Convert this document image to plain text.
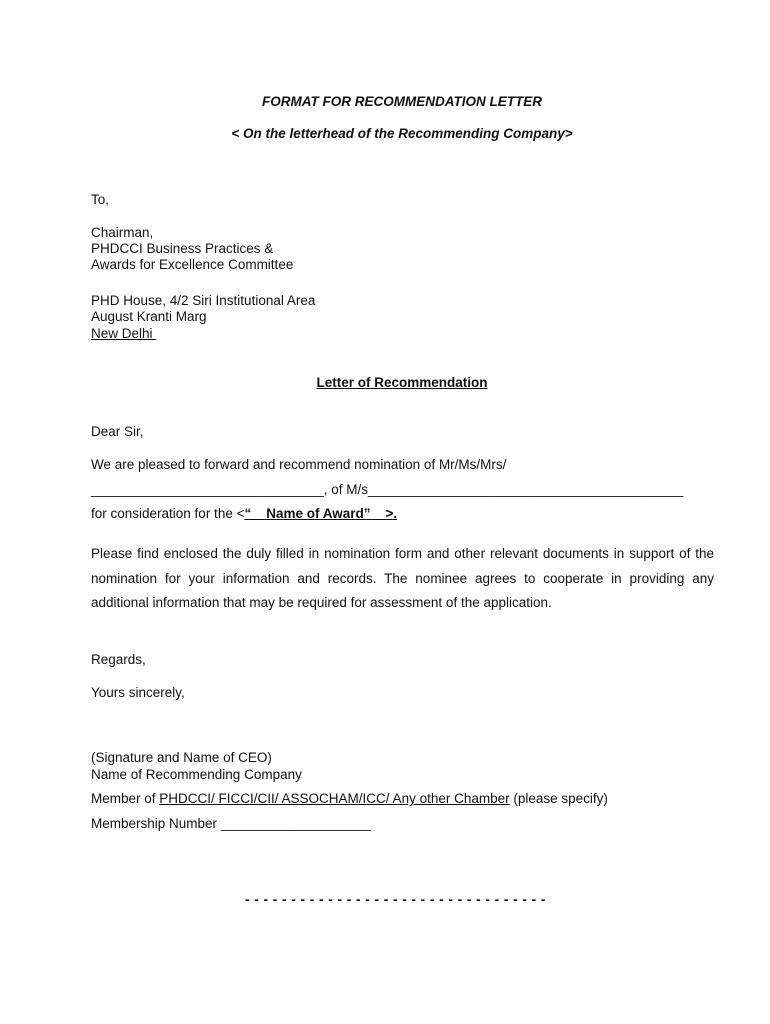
FORMAT FOR RECOMMENDATION LETTER
< On the letterhead of the Recommending Company>
To,
Chairman,
PHDCCI Business Practices &
Awards for Excellence Committee
PHD House, 4/2 Siri Institutional Area
August Kranti Marg
New Delhi
Letter of Recommendation
Dear Sir,
We are pleased to forward and recommend nomination of Mr/Ms/Mrs/
_______________________________, of M/s__________________________________________
for consideration for the <“    Name of Award”    >.
Please find enclosed the duly filled in nomination form and other relevant documents in support of the nomination for your information and records. The nominee agrees to cooperate in providing any additional information that may be required for assessment of the application.
Regards,
Yours sincerely,
(Signature and Name of CEO)
Name of Recommending Company
Member of PHDCCI/ FICCI/CII/ ASSOCHAM/ICC/ Any other Chamber (please specify)
Membership Number ____________________
- - - - - - - - - - - - - - - - - - - - - - - - - - - - - - - - -
